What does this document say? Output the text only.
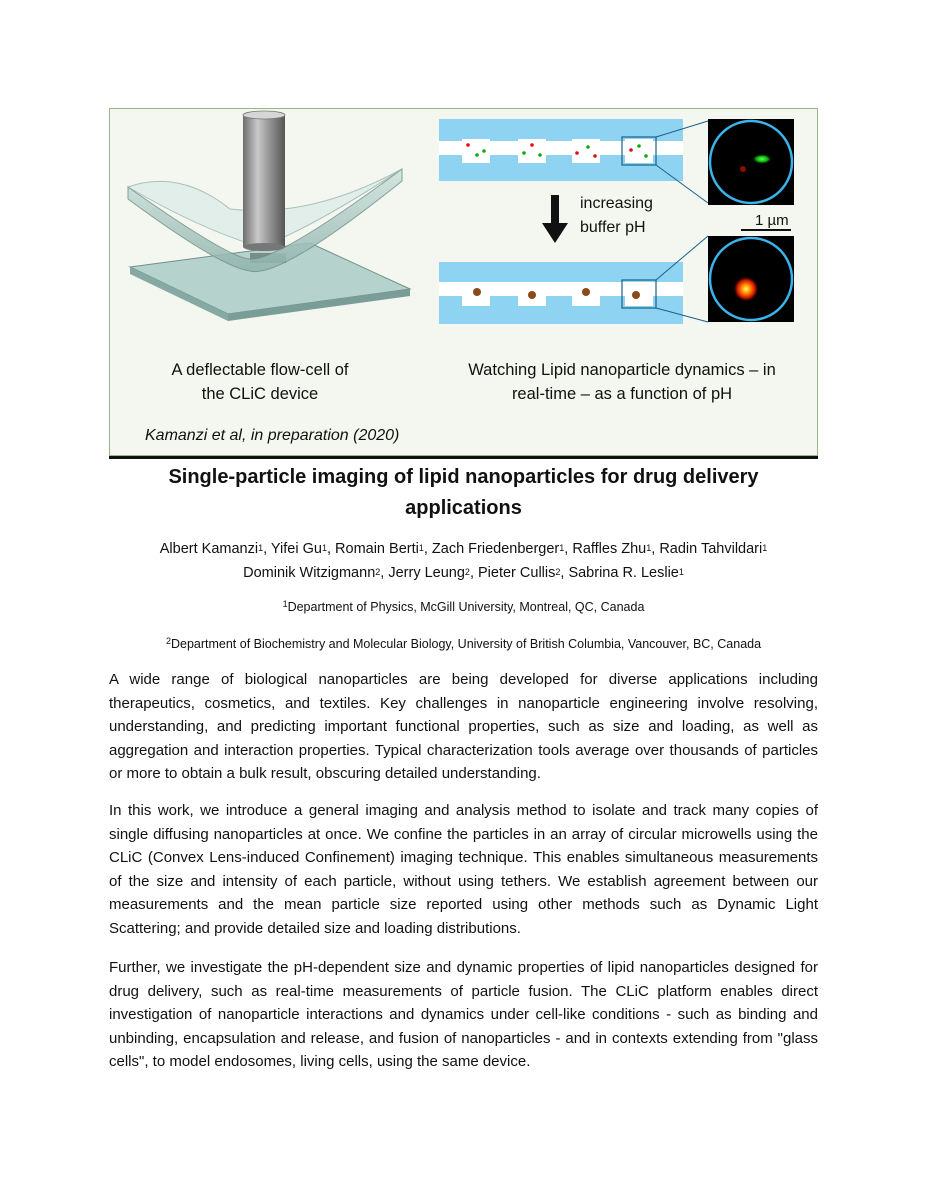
increasing
buffer pH	1 µm
A deflectable flow-cell of
the CLiC device
Watching Lipid nanoparticle dynamics – in
real-time – as a function of pH
Kamanzi et al, in preparation (2020)
Single-particle imaging of lipid nanoparticles for drug delivery
applications
Albert Kamanzi$^1$, Yifei Gu$^1$, Romain Berti$^1$, Zach Friedenberger$^1$, Raffles Zhu$^1$, Radin Tahvildari$^1$
Dominik Witzigmann$^2$, Jerry Leung$^2$, Pieter Cullis$^2$, Sabrina R. Leslie$^1$
$^1$Department of Physics, McGill University, Montreal, QC, Canada
$^2$Department of Biochemistry and Molecular Biology, University of British Columbia, Vancouver, BC, Canada

A wide range of biological nanoparticles are being developed for diverse applications including therapeutics, cosmetics, and textiles. Key challenges in nanoparticle engineering involve resolving, understanding, and predicting important functional properties, such as size and loading, as well as aggregation and interaction properties. Typical characterization tools average over thousands of particles or more to obtain a bulk result, obscuring detailed understanding.

In this work, we introduce a general imaging and analysis method to isolate and track many copies of single diffusing nanoparticles at once. We confine the particles in an array of circular microwells using the CLiC (Convex Lens-induced Confinement) imaging technique. This enables simultaneous measurements of the size and intensity of each particle, without using tethers. We establish agreement between our measurements and the mean particle size reported using other methods such as Dynamic Light Scattering; and provide detailed size and loading distributions.

Further, we investigate the pH-dependent size and dynamic properties of lipid nanoparticles designed for drug delivery, such as real-time measurements of particle fusion. The CLiC platform enables direct investigation of nanoparticle interactions and dynamics under cell-like conditions - such as binding and unbinding, encapsulation and release, and fusion of nanoparticles - and in contexts extending from "glass cells", to model endosomes, living cells, using the same device.
